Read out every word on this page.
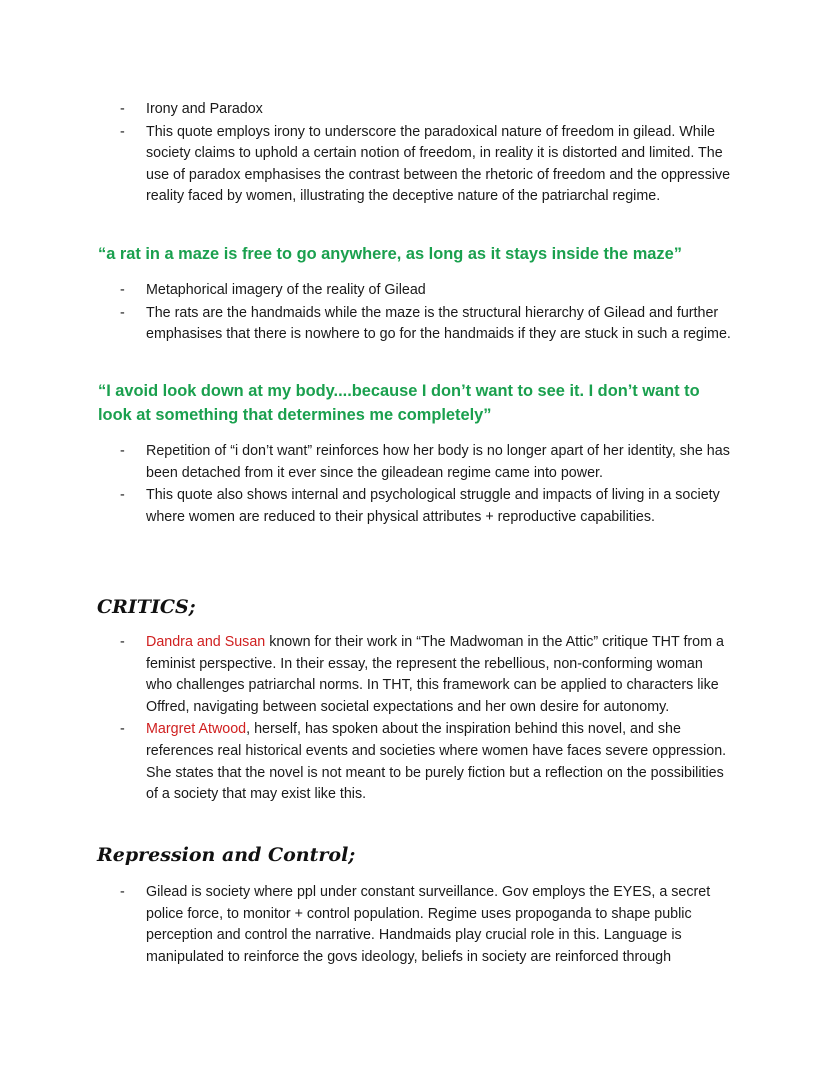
- Irony and Paradox
- This quote employs irony to underscore the paradoxical nature of freedom in gilead. While society claims to uphold a certain notion of freedom, in reality it is distorted and limited. The use of paradox emphasises the contrast between the rhetoric of freedom and the oppressive reality faced by women, illustrating the deceptive nature of the patriarchal regime.

“a rat in a maze is free to go anywhere, as long as it stays inside the maze”

- Metaphorical imagery of the reality of Gilead
- The rats are the handmaids while the maze is the structural hierarchy of Gilead and further emphasises that there is nowhere to go for the handmaids if they are stuck in such a regime.

“I avoid look down at my body....because I don’t want to see it. I don’t want to look at something that determines me completely”

- Repetition of “i don’t want” reinforces how her body is no longer apart of her identity, she has been detached from it ever since the gileadean regime came into power.
- This quote also shows internal and psychological struggle and impacts of living in a society where women are reduced to their physical attributes + reproductive capabilities.
CRITICS;
- Dandra and Susan known for their work in “The Madwoman in the Attic” critique THT from a feminist perspective. In their essay, the represent the rebellious, non-conforming woman who challenges patriarchal norms. In THT, this framework can be applied to characters like Offred, navigating between societal expectations and her own desire for autonomy.
- Margret Atwood, herself, has spoken about the inspiration behind this novel, and she references real historical events and societies where women have faces severe oppression. She states that the novel is not meant to be purely fiction but a reflection on the possibilities of a society that may exist like this.
Repression and Control;
- Gilead is society where ppl under constant surveillance. Gov employs the EYES, a secret police force, to monitor + control population. Regime uses propoganda to shape public perception and control the narrative. Handmaids play crucial role in this. Language is manipulated to reinforce the govs ideology, beliefs in society are reinforced through
